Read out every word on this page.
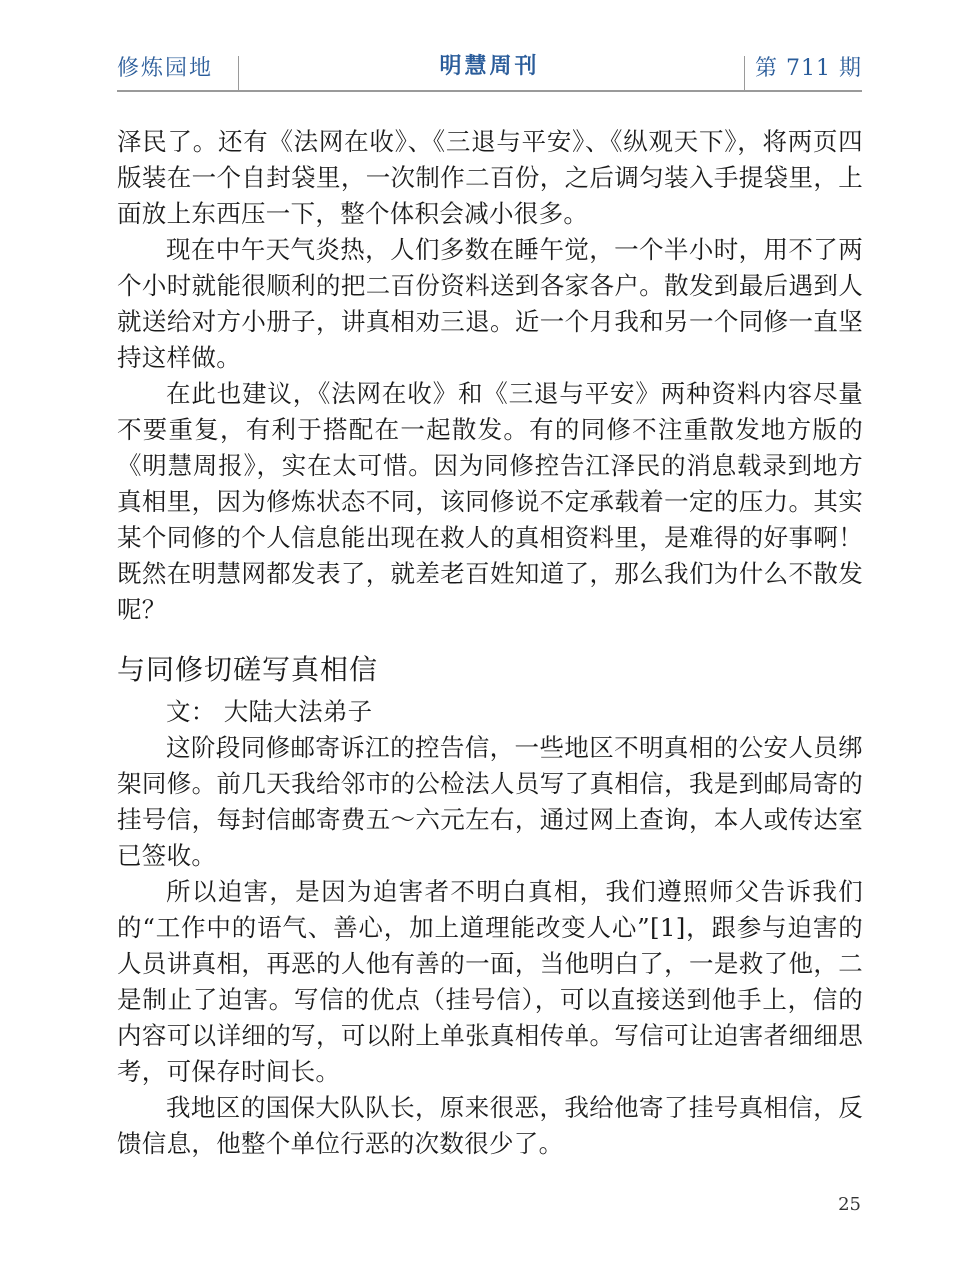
修炼园地	明慧周刊	第 711 期

泽民了。还有《法网在收》、《三退与平安》、《纵观天下》，将两页四版装在一个自封袋里，一次制作二百份，之后调匀装入手提袋里，上面放上东西压一下，整个体积会减小很多。

现在中午天气炎热，人们多数在睡午觉，一个半小时，用不了两个小时就能很顺利的把二百份资料送到各家各户。散发到最后遇到人就送给对方小册子，讲真相劝三退。近一个月我和另一个同修一直坚持这样做。

在此也建议，《法网在收》和《三退与平安》两种资料内容尽量不要重复，有利于搭配在一起散发。有的同修不注重散发地方版的《明慧周报》，实在太可惜。因为同修控告江泽民的消息载录到地方真相里，因为修炼状态不同，该同修说不定承载着一定的压力。其实某个同修的个人信息能出现在救人的真相资料里，是难得的好事啊！既然在明慧网都发表了，就差老百姓知道了，那么我们为什么不散发呢？

与同修切磋写真相信

文： 大陆大法弟子

这阶段同修邮寄诉江的控告信，一些地区不明真相的公安人员绑架同修。前几天我给邻市的公检法人员写了真相信，我是到邮局寄的挂号信，每封信邮寄费五～六元左右，通过网上查询，本人或传达室已签收。

所以迫害，是因为迫害者不明白真相，我们遵照师父告诉我们的“工作中的语气、善心，加上道理能改变人心”[1]，跟参与迫害的人员讲真相，再恶的人他有善的一面，当他明白了，一是救了他，二是制止了迫害。写信的优点（挂号信），可以直接送到他手上，信的内容可以详细的写，可以附上单张真相传单。写信可让迫害者细细思考，可保存时间长。

我地区的国保大队队长，原来很恶，我给他寄了挂号真相信，反馈信息，他整个单位行恶的次数很少了。

25
